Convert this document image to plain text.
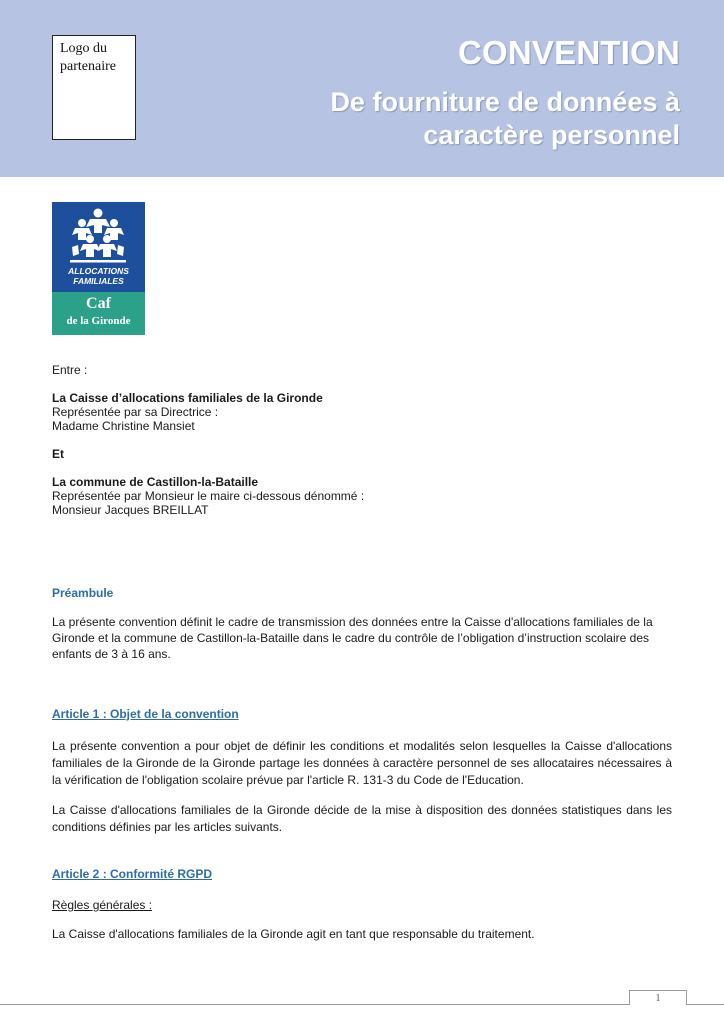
Logo du partenaire	CONVENTION
De fourniture de données à caractère personnel
ALLOCATIONS
FAMILIALES
Caf
de la Gironde
Entre :
La Caisse d’allocations familiales de la Gironde
Représentée par sa Directrice :
Madame Christine Mansiet
Et
La commune de Castillon-la-Bataille
Représentée par Monsieur le maire ci-dessous dénommé :
Monsieur Jacques BREILLAT
Préambule
La présente convention définit le cadre de transmission des données entre la Caisse d'allocations familiales de la Gironde et la commune de Castillon-la-Bataille dans le cadre du contrôle de l’obligation d’instruction scolaire des enfants de 3 à 16 ans.
Article 1 : Objet de la convention
La présente convention a pour objet de définir les conditions et modalités selon lesquelles la Caisse d'allocations familiales de la Gironde de la Gironde partage les données à caractère personnel de ses allocataires nécessaires à la vérification de l'obligation scolaire prévue par l'article R. 131-3 du Code de l'Education.
La Caisse d'allocations familiales de la Gironde décide de la mise à disposition des données statistiques dans les conditions définies par les articles suivants.
Article 2 : Conformité RGPD
Règles générales :
La Caisse d'allocations familiales de la Gironde agit en tant que responsable du traitement.
1
